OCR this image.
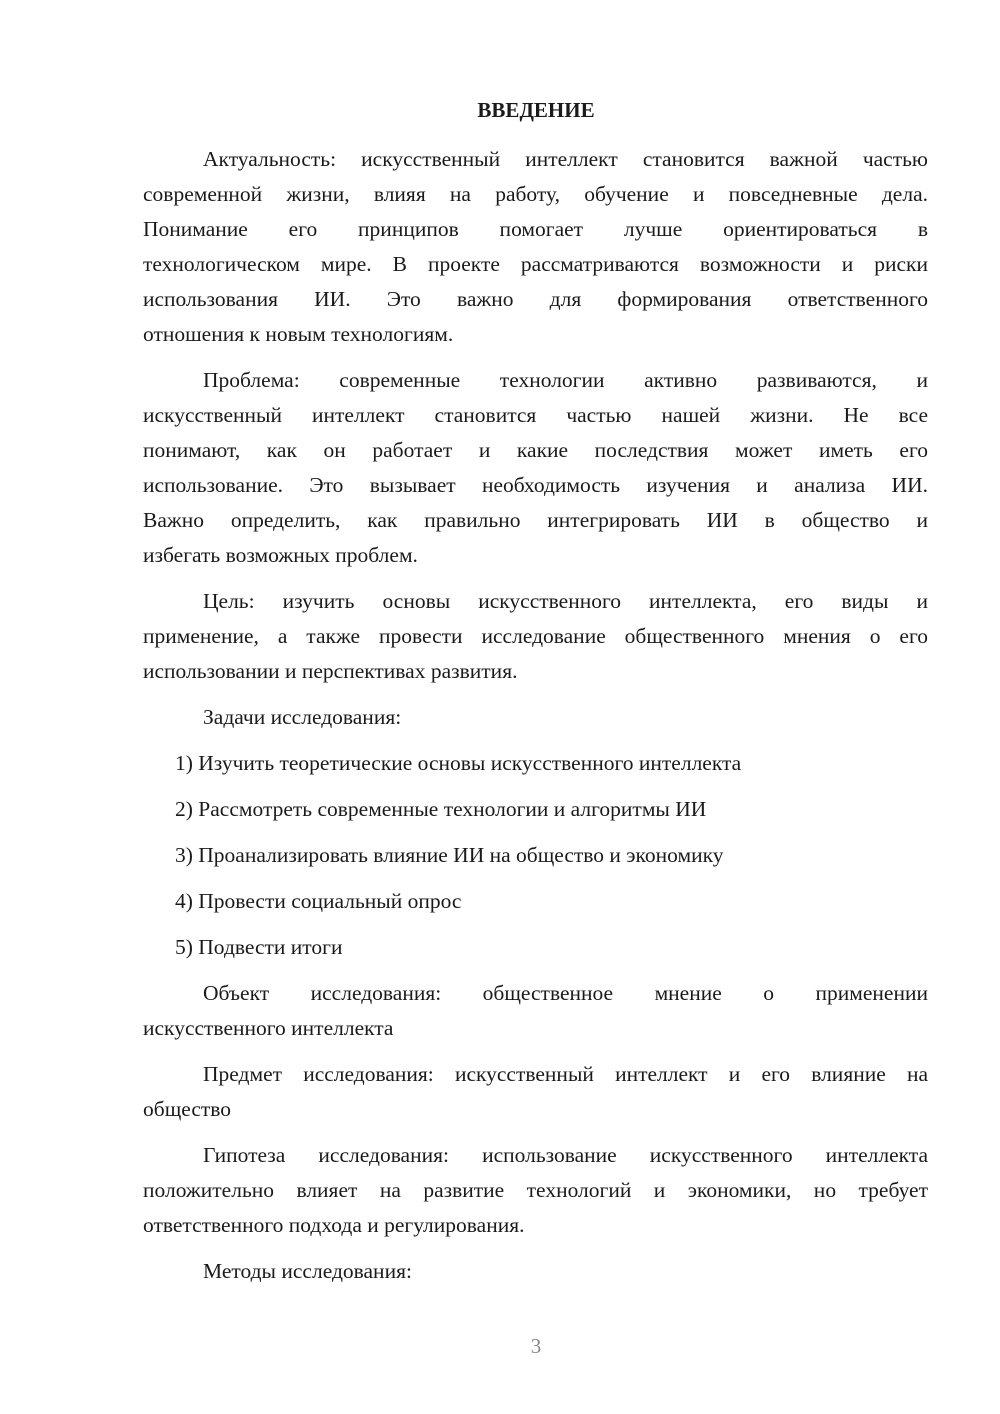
ВВЕДЕНИЕ
Актуальность: искусственный интеллект становится важной частью
современной жизни, влияя на работу, обучение и повседневные дела.
Понимание его принципов помогает лучше ориентироваться в
технологическом мире. В проекте рассматриваются возможности и риски
использования ИИ. Это важно для формирования ответственного
отношения к новым технологиям.
Проблема: современные технологии активно развиваются, и
искусственный интеллект становится частью нашей жизни. Не все
понимают, как он работает и какие последствия может иметь его
использование. Это вызывает необходимость изучения и анализа ИИ.
Важно определить, как правильно интегрировать ИИ в общество и
избегать возможных проблем.
Цель: изучить основы искусственного интеллекта, его виды и
применение, а также провести исследование общественного мнения о его
использовании и перспективах развития.
Задачи исследования:
1) Изучить теоретические основы искусственного интеллекта
2) Рассмотреть современные технологии и алгоритмы ИИ
3) Проанализировать влияние ИИ на общество и экономику
4) Провести социальный опрос
5) Подвести итоги
Объект исследования: общественное мнение о применении
искусственного интеллекта
Предмет исследования: искусственный интеллект и его влияние на
общество
Гипотеза исследования: использование искусственного интеллекта
положительно влияет на развитие технологий и экономики, но требует
ответственного подхода и регулирования.
Методы исследования:
3
